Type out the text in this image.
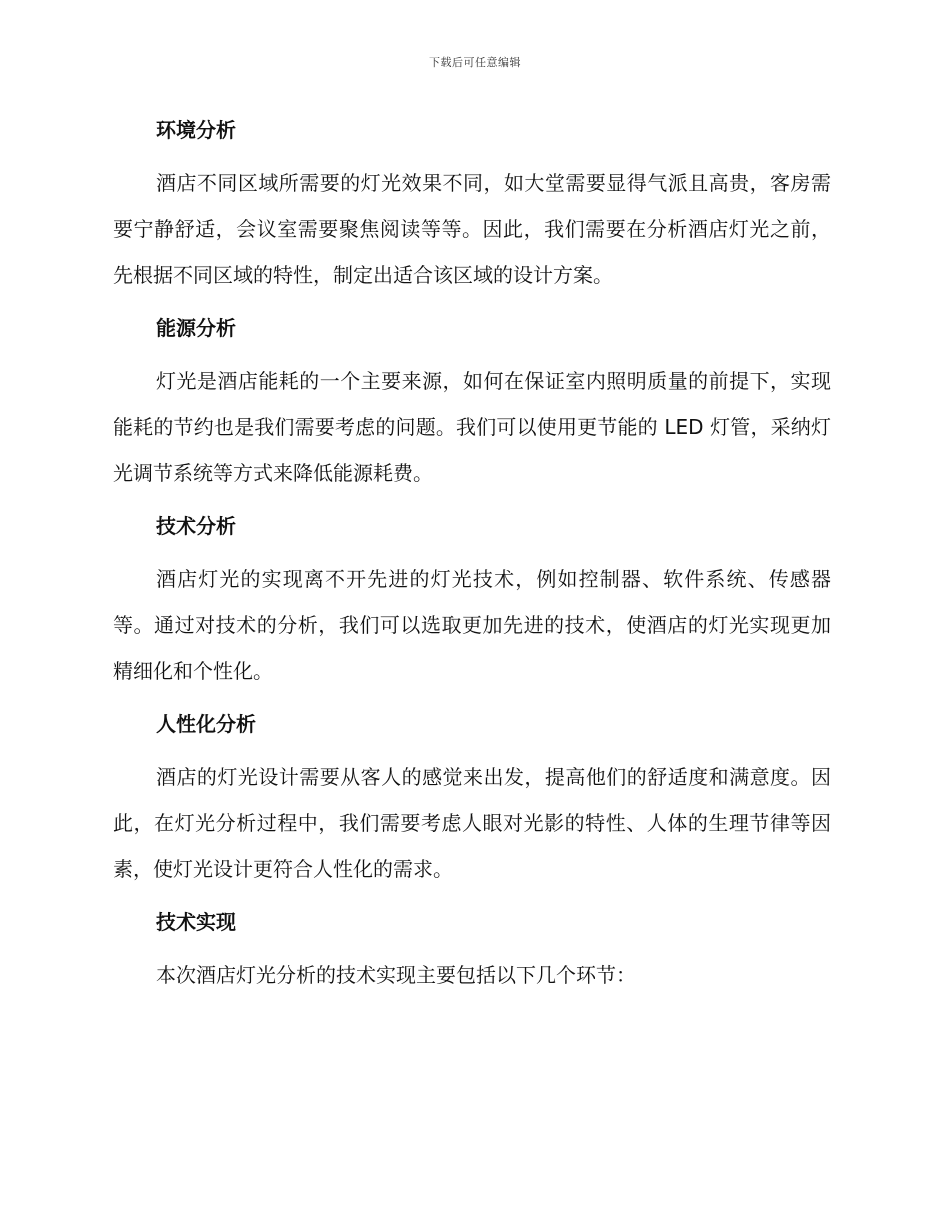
下载后可任意编辑
环境分析

酒店不同区域所需要的灯光效果不同，如大堂需要显得气派且高贵，客房需要宁静舒适，会议室需要聚焦阅读等等。因此，我们需要在分析酒店灯光之前，先根据不同区域的特性，制定出适合该区域的设计方案。

能源分析

灯光是酒店能耗的一个主要来源，如何在保证室内照明质量的前提下，实现能耗的节约也是我们需要考虑的问题。我们可以使用更节能的 LED 灯管，采纳灯光调节系统等方式来降低能源耗费。

技术分析

酒店灯光的实现离不开先进的灯光技术，例如控制器、软件系统、传感器等。通过对技术的分析，我们可以选取更加先进的技术，使酒店的灯光实现更加精细化和个性化。

人性化分析

酒店的灯光设计需要从客人的感觉来出发，提高他们的舒适度和满意度。因此，在灯光分析过程中，我们需要考虑人眼对光影的特性、人体的生理节律等因素，使灯光设计更符合人性化的需求。

技术实现

本次酒店灯光分析的技术实现主要包括以下几个环节：
